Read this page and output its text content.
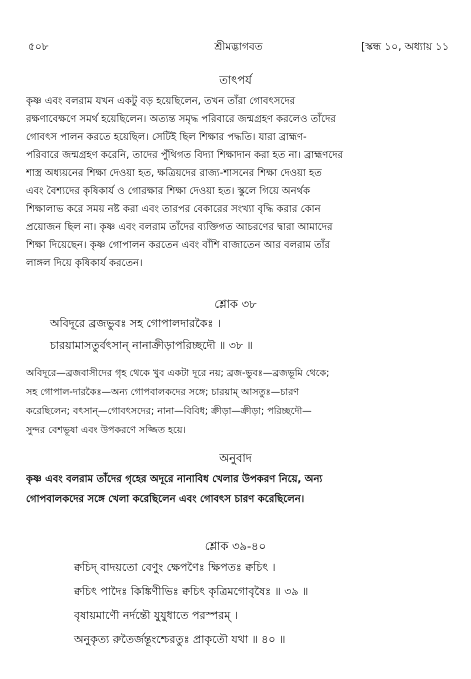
৫০৮	শ্রীমদ্ভাগবত	[স্কন্ধ ১০, অধ্যায় ১১
তাৎপর্য
কৃষ্ণ এবং বলরাম যখন একটু বড় হয়েছিলেন, তখন তাঁরা গোবৎসদের
রক্ষণাবেক্ষণে সমর্থ হয়েছিলেন। অত্যন্ত সমৃদ্ধ পরিবারে জন্মগ্রহণ করলেও তাঁদের
গোবৎস পালন করতে হয়েছিল। সেটিই ছিল শিক্ষার পদ্ধতি। যারা ব্রাহ্মণ-
পরিবারে জন্মগ্রহণ করেনি, তাদের পুঁথিগত বিদ্যা শিক্ষাদান করা হত না। ব্রাহ্মণদের
শাস্ত্র অধ্যয়নের শিক্ষা দেওয়া হত, ক্ষত্রিয়দের রাজ্য-শাসনের শিক্ষা দেওয়া হত
এবং বৈশ্যদের কৃষিকার্য ও গোরক্ষার শিক্ষা দেওয়া হত। স্কুলে গিয়ে অনর্থক
শিক্ষালাভ করে সময় নষ্ট করা এবং তারপর বেকারের সংখ্যা বৃদ্ধি করার কোন
প্রয়োজন ছিল না। কৃষ্ণ এবং বলরাম তাঁদের ব্যক্তিগত আচরণের দ্বারা আমাদের
শিক্ষা দিয়েছেন। কৃষ্ণ গোপালন করতেন এবং বাঁশি বাজাতেন আর বলরাম তাঁর
লাঙ্গল দিয়ে কৃষিকার্য করতেন।
শ্লোক ৩৮
অবিদূরে ব্রজভুবঃ সহ গোপালদারকৈঃ ।
চারয়ামাসতুর্বৎসান্ নানাক্রীড়াপরিচ্ছদৌ ॥ ৩৮ ॥
অবিদূরে—ব্রজবাসীদের গৃহ থেকে খুব একটা দূরে নয়; ব্রজ-ভুবঃ—ব্রজভূমি থেকে;
সহ গোপাল-দারকৈঃ—অন্য গোপবালকদের সঙ্গে; চারয়াম্ আসতুঃ—চারণ
করেছিলেন; বৎসান্—গোবৎসদের; নানা—বিবিধ; ক্রীড়া—ক্রীড়া; পরিচ্ছদৌ—
সুন্দর বেশভূষা এবং উপকরণে সজ্জিত হয়ে।
অনুবাদ
কৃষ্ণ এবং বলরাম তাঁদের গৃহের অদূরে নানাবিধ খেলার উপকরণ নিয়ে, অন্য
গোপবালকদের সঙ্গে খেলা করেছিলেন এবং গোবৎস চারণ করেছিলেন।
শ্লোক ৩৯-৪০
ক্বচিদ্ বাদয়তো বেণুং ক্ষেপণৈঃ ক্ষিপতঃ ক্বচিৎ ।
ক্বচিৎ পাদৈঃ কিঙ্কিণীভিঃ ক্বচিৎ কৃত্রিমগোবৃষৈঃ ॥ ৩৯ ॥
বৃষায়মাণৌ নর্দন্তৌ যুযুধাতে পরস্পরম্ ।
অনুকৃত্য রুতৈর্জন্তূংশ্চেরতুঃ প্রাকৃতৌ যথা ॥ ৪০ ॥
